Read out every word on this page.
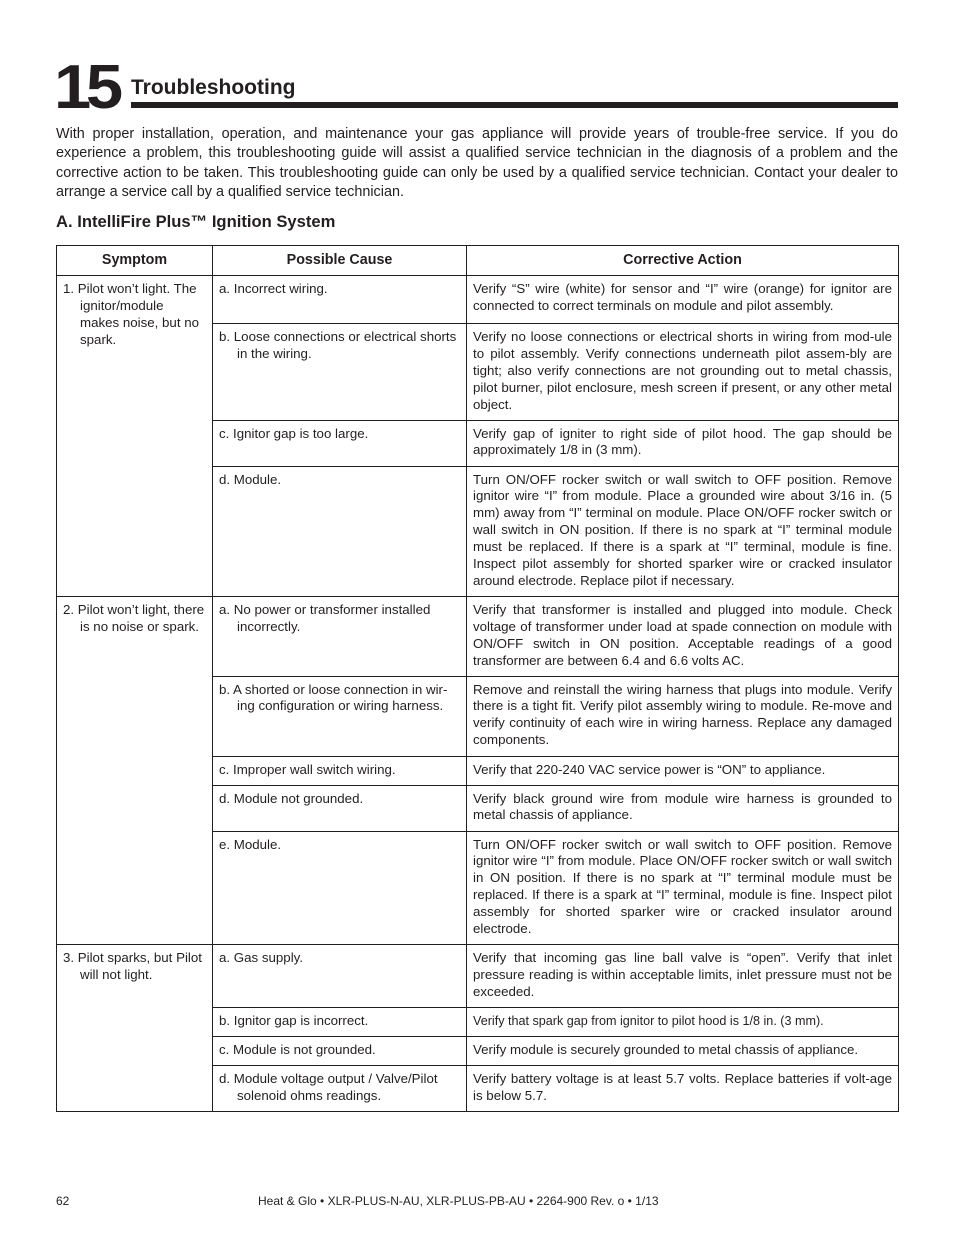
15 Troubleshooting

With proper installation, operation, and maintenance your gas appliance will provide years of trouble-free service. If you do experience a problem, this troubleshooting guide will assist a qualified service technician in the diagnosis of a problem and the corrective action to be taken. This troubleshooting guide can only be used by a qualified service technician. Contact your dealer to arrange a service call by a qualified service technician.

A. IntelliFire Plus™ Ignition System
Symptom	Possible Cause	Corrective Action

1. Pilot won’t light. The ignitor/module makes noise, but no spark.	a. Incorrect wiring.	Verify “S” wire (white) for sensor and “I” wire (orange) for ignitor are connected to correct terminals on module and pilot assembly.

	b. Loose connections or electrical shorts in the wiring.	Verify no loose connections or electrical shorts in wiring from mod-ule to pilot assembly. Verify connections underneath pilot assem-bly are tight; also verify connections are not grounding out to metal chassis, pilot burner, pilot enclosure, mesh screen if present, or any other metal object.

	c. Ignitor gap is too large.	Verify gap of igniter to right side of pilot hood. The gap should be approximately 1/8 in (3 mm).

	d. Module.	Turn ON/OFF rocker switch or wall switch to OFF position. Remove ignitor wire “I” from module. Place a grounded wire about 3/16 in. (5 mm) away from “I” terminal on module. Place ON/OFF rocker switch or wall switch in ON position. If there is no spark at “I” terminal module must be replaced. If there is a spark at “I” terminal, module is fine. Inspect pilot assembly for shorted sparker wire or cracked insulator around electrode. Replace pilot if necessary.

2. Pilot won’t light, there is no noise or spark.	a. No power or transformer installed incorrectly.	Verify that transformer is installed and plugged into module. Check voltage of transformer under load at spade connection on module with ON/OFF switch in ON position. Acceptable readings of a good transformer are between 6.4 and 6.6 volts AC.

	b. A shorted or loose connection in wir-ing configuration or wiring harness.	Remove and reinstall the wiring harness that plugs into module. Verify there is a tight fit. Verify pilot assembly wiring to module. Re-move and verify continuity of each wire in wiring harness. Replace any damaged components.

	c. Improper wall switch wiring.	Verify that 220-240 VAC service power is “ON” to appliance.

	d. Module not grounded.	Verify black ground wire from module wire harness is grounded to metal chassis of appliance.

	e. Module.	Turn ON/OFF rocker switch or wall switch to OFF position. Remove ignitor wire “I” from module. Place ON/OFF rocker switch or wall switch in ON position. If there is no spark at “I” terminal module must be replaced. If there is a spark at “I” terminal, module is fine. Inspect pilot assembly for shorted sparker wire or cracked insulator around electrode.

3. Pilot sparks, but Pilot will not light.	a. Gas supply.	Verify that incoming gas line ball valve is “open”. Verify that inlet pressure reading is within acceptable limits, inlet pressure must not be exceeded.

	b. Ignitor gap is incorrect.	Verify that spark gap from ignitor to pilot hood is 1/8 in. (3 mm).

	c. Module is not grounded.	Verify module is securely grounded to metal chassis of appliance.

	d. Module voltage output / Valve/Pilot solenoid ohms readings.	Verify battery voltage is at least 5.7 volts. Replace batteries if volt-age is below 5.7.
62	Heat & Glo • XLR-PLUS-N-AU, XLR-PLUS-PB-AU • 2264-900 Rev. o • 1/13
